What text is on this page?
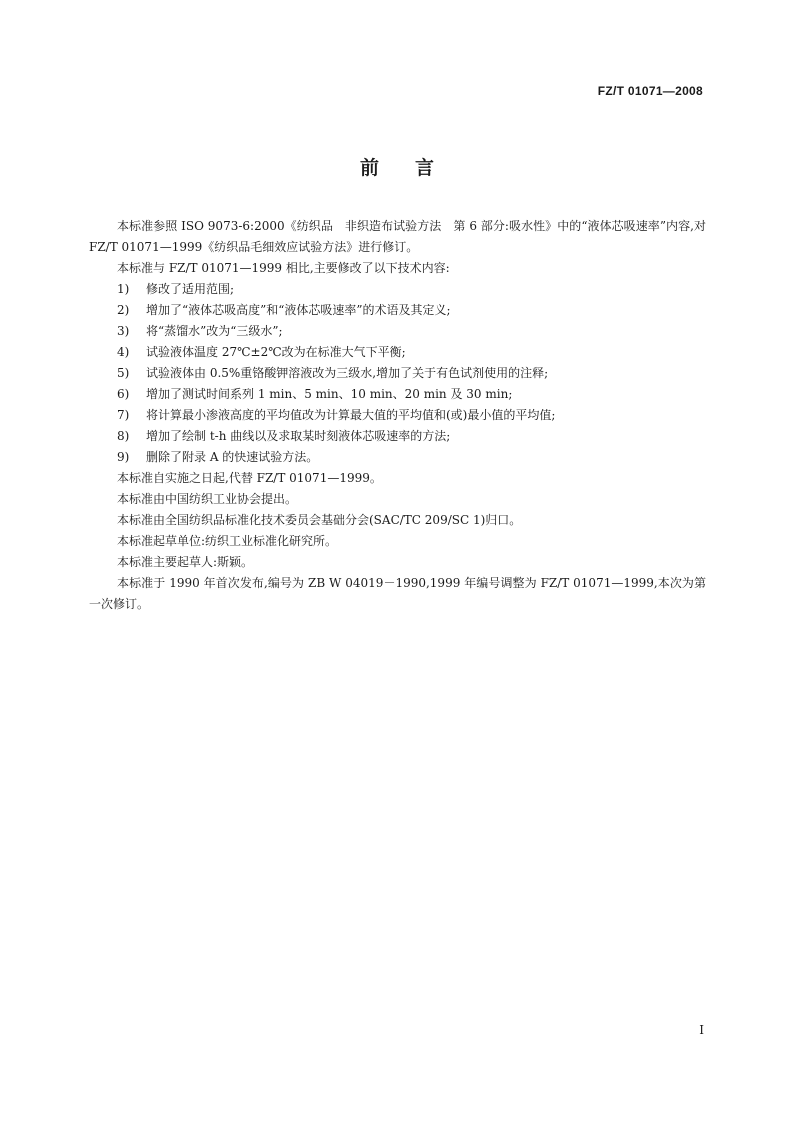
FZ/T 01071—2008
前言

本标准参照 ISO 9073-6:2000《纺织品　非织造布试验方法　第 6 部分:吸水性》中的“液体芯吸速率”内容,对 FZ/T 01071—1999《纺织品毛细效应试验方法》进行修订。

本标准与 FZ/T 01071—1999 相比,主要修改了以下技术内容:

1) 修改了适用范围;
2) 增加了“液体芯吸高度”和“液体芯吸速率”的术语及其定义;
3) 将“蒸馏水”改为“三级水”;
4) 试验液体温度 27℃±2℃改为在标准大气下平衡;
5) 试验液体由 0.5%重铬酸钾溶液改为三级水,增加了关于有色试剂使用的注释;
6) 增加了测试时间系列 1 min、5 min、10 min、20 min 及 30 min;
7) 将计算最小渗液高度的平均值改为计算最大值的平均值和(或)最小值的平均值;
8) 增加了绘制 t-h 曲线以及求取某时刻液体芯吸速率的方法;
9) 删除了附录 A 的快速试验方法。

本标准自实施之日起,代替 FZ/T 01071—1999。

本标准由中国纺织工业协会提出。

本标准由全国纺织品标准化技术委员会基础分会(SAC/TC 209/SC 1)归口。

本标准起草单位:纺织工业标准化研究所。

本标准主要起草人:斯颖。

本标准于 1990 年首次发布,编号为 ZB W 04019－1990,1999 年编号调整为 FZ/T 01071—1999,本次为第一次修订。

I
